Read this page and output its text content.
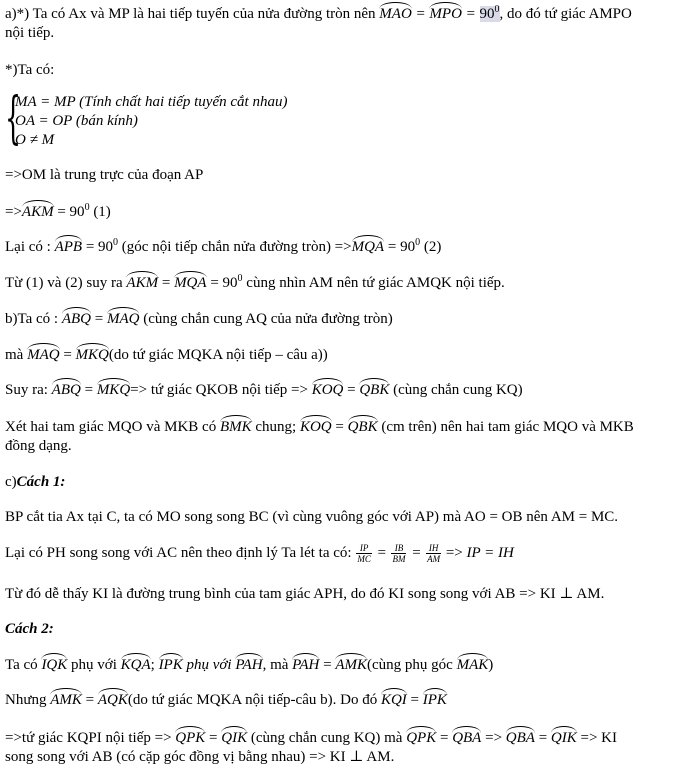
a)*) Ta có Ax và MP là hai tiếp tuyến của nửa đường tròn nên MAO = MPO = $90^0$, do đó tứ giác AMPO
nội tiếp.
*)Ta có:
{
MA = MP (Tính chất hai tiếp tuyến cắt nhau)
OA = OP (bán kính)
O ≠ M
=>OM là trung trực của đoạn AP
$=>AKM = 90^0$ (1)
Lại có : APB = $90^0$ (góc nội tiếp chắn nửa đường tròn) $=>MQA = 90^0$ (2)
Từ (1) và (2) suy ra AKM = MQA = $90^0$ cùng nhìn AM nên tứ giác AMQK nội tiếp.
b)Ta có : ABQ = MAQ (cùng chắn cung AQ của nửa đường tròn)
mà MAQ = MKQ(do tứ giác MQKA nội tiếp – câu a))
Suy ra: ABQ = MKQ=> tứ giác QKOB nội tiếp => KOQ = QBK (cùng chắn cung KQ)
Xét hai tam giác MQO và MKB có BMK chung; KOQ = QBK (cm trên) nên hai tam giác MQO và MKB
đồng dạng.
c)Cách 1:
BP cắt tia Ax tại C, ta có MO song song BC (vì cùng vuông góc với AP) mà AO = OB nên AM = MC.
Lại có PH song song với AC nên theo định lý Ta lét ta có: $\frac{IP}{MC} = \frac{IB}{BM} = \frac{IH}{AM}$ => IP = IH
Từ đó dễ thấy KI là đường trung bình của tam giác APH, do đó KI song song với AB => KI ⊥ AM.
Cách 2:
Ta có IQK phụ với KQA; IPK phụ với PAH, mà PAH = AMK(cùng phụ góc MAK)
Nhưng AMK = AQK(do tứ giác MQKA nội tiếp-câu b). Do đó KQI = IPK
=>tứ giác KQPI nội tiếp => QPK = QIK (cùng chắn cung KQ) mà QPK = QBA => QBA = QIK => KI
song song với AB (có cặp góc đồng vị bằng nhau) => KI ⊥ AM.
